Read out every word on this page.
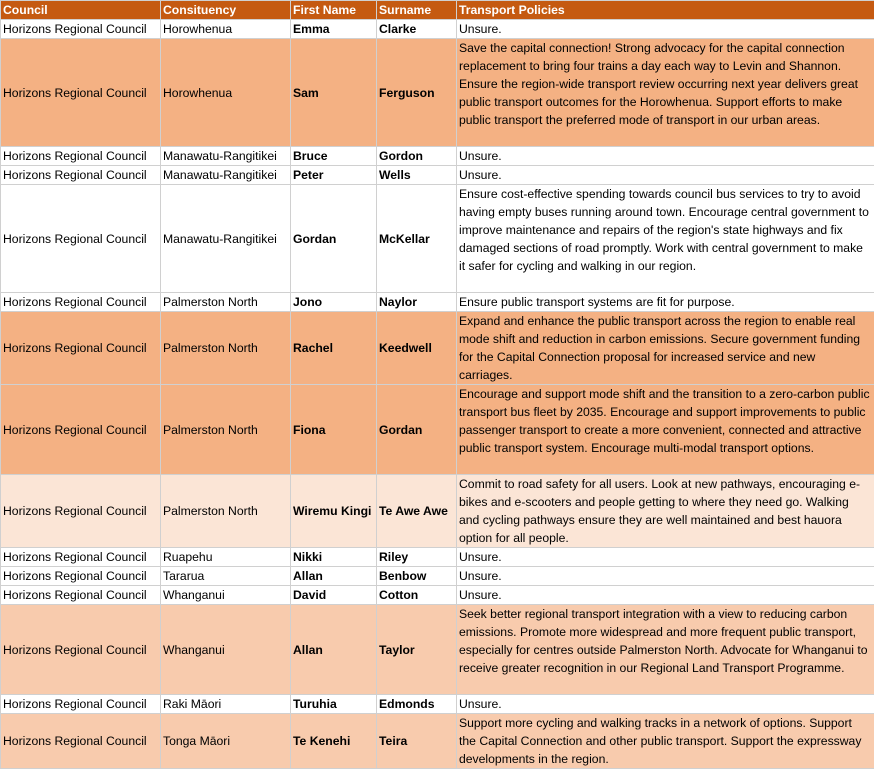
Council	Consituency	First Name	Surname	Transport Policies
Horizons Regional Council	Horowhenua	Emma	Clarke	Unsure.
Horizons Regional Council	Horowhenua	Sam	Ferguson	Save the capital connection! Strong advocacy for the capital connection replacement to bring four trains a day each way to Levin and Shannon. Ensure the region-wide transport review occurring next year delivers great public transport outcomes for the Horowhenua. Support efforts to make public transport the preferred mode of transport in our urban areas.
Horizons Regional Council	Manawatu-Rangitikei	Bruce	Gordon	Unsure.
Horizons Regional Council	Manawatu-Rangitikei	Peter	Wells	Unsure.
Horizons Regional Council	Manawatu-Rangitikei	Gordan	McKellar	Ensure cost-effective spending towards council bus services to try to avoid having empty buses running around town. Encourage central government to improve maintenance and repairs of the region's state highways and fix damaged sections of road promptly. Work with central government to make it safer for cycling and walking in our region.
Horizons Regional Council	Palmerston North	Jono	Naylor	Ensure public transport systems are fit for purpose.
Horizons Regional Council	Palmerston North	Rachel	Keedwell	Expand and enhance the public transport across the region to enable real mode shift and reduction in carbon emissions. Secure government funding for the Capital Connection proposal for increased service and new carriages.
Horizons Regional Council	Palmerston North	Fiona	Gordan	Encourage and support mode shift and the transition to a zero-carbon public transport bus fleet by 2035. Encourage and support improvements to public passenger transport to create a more convenient, connected and attractive public transport system. Encourage multi-modal transport options.
Horizons Regional Council	Palmerston North	Wiremu Kingi	Te Awe Awe	Commit to road safety for all users. Look at new pathways, encouraging e-bikes and e-scooters and people getting to where they need go. Walking and cycling pathways ensure they are well maintained and best hauora option for all people.
Horizons Regional Council	Ruapehu	Nikki	Riley	Unsure.
Horizons Regional Council	Tararua	Allan	Benbow	Unsure.
Horizons Regional Council	Whanganui	David	Cotton	Unsure.
Horizons Regional Council	Whanganui	Allan	Taylor	Seek better regional transport integration with a view to reducing carbon emissions. Promote more widespread and more frequent public transport, especially for centres outside Palmerston North. Advocate for Whanganui to receive greater recognition in our Regional Land Transport Programme.
Horizons Regional Council	Raki Māori	Turuhia	Edmonds	Unsure.
Horizons Regional Council	Tonga Māori	Te Kenehi	Teira	Support more cycling and walking tracks in a network of options. Support the Capital Connection and other public transport. Support the expressway developments in the region.
